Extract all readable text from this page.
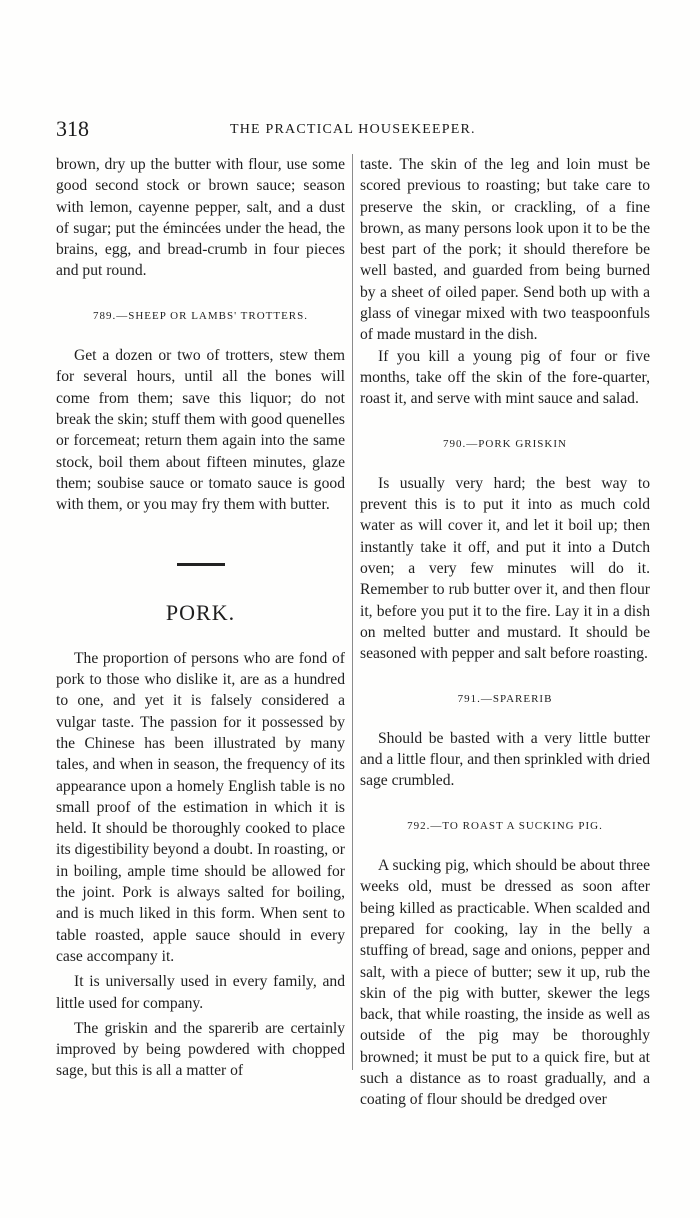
318	THE PRACTICAL HOUSEKEEPER.

brown, dry up the butter with flour, use some good second stock or brown sauce; season with lemon, cayenne pepper, salt, and a dust of sugar; put the émincées under the head, the brains, egg, and bread-crumb in four pieces and put round.

789.—SHEEP OR LAMBS' TROTTERS.

Get a dozen or two of trotters, stew them for several hours, until all the bones will come from them; save this liquor; do not break the skin; stuff them with good quenelles or forcemeat; return them again into the same stock, boil them about fifteen minutes, glaze them; soubise sauce or tomato sauce is good with them, or you may fry them with butter.

PORK.

The proportion of persons who are fond of pork to those who dislike it, are as a hundred to one, and yet it is falsely considered a vulgar taste. The passion for it possessed by the Chinese has been illustrated by many tales, and when in season, the frequency of its appearance upon a homely English table is no small proof of the estimation in which it is held. It should be thoroughly cooked to place its digestibility beyond a doubt. In roasting, or in boiling, ample time should be allowed for the joint. Pork is always salted for boiling, and is much liked in this form. When sent to table roasted, apple sauce should in every case accompany it.

It is universally used in every family, and little used for company.

The griskin and the sparerib are certainly improved by being powdered with chopped sage, but this is all a matter of

taste. The skin of the leg and loin must be scored previous to roasting; but take care to preserve the skin, or crackling, of a fine brown, as many persons look upon it to be the best part of the pork; it should therefore be well basted, and guarded from being burned by a sheet of oiled paper. Send both up with a glass of vinegar mixed with two teaspoonfuls of made mustard in the dish.

If you kill a young pig of four or five months, take off the skin of the fore-quarter, roast it, and serve with mint sauce and salad.

790.—PORK GRISKIN

Is usually very hard; the best way to prevent this is to put it into as much cold water as will cover it, and let it boil up; then instantly take it off, and put it into a Dutch oven; a very few minutes will do it. Remember to rub butter over it, and then flour it, before you put it to the fire. Lay it in a dish on melted butter and mustard. It should be seasoned with pepper and salt before roasting.

791.—SPARERIB

Should be basted with a very little butter and a little flour, and then sprinkled with dried sage crumbled.

792.—TO ROAST A SUCKING PIG.

A sucking pig, which should be about three weeks old, must be dressed as soon after being killed as practicable. When scalded and prepared for cooking, lay in the belly a stuffing of bread, sage and onions, pepper and salt, with a piece of butter; sew it up, rub the skin of the pig with butter, skewer the legs back, that while roasting, the inside as well as outside of the pig may be thoroughly browned; it must be put to a quick fire, but at such a distance as to roast gradually, and a coating of flour should be dredged over
